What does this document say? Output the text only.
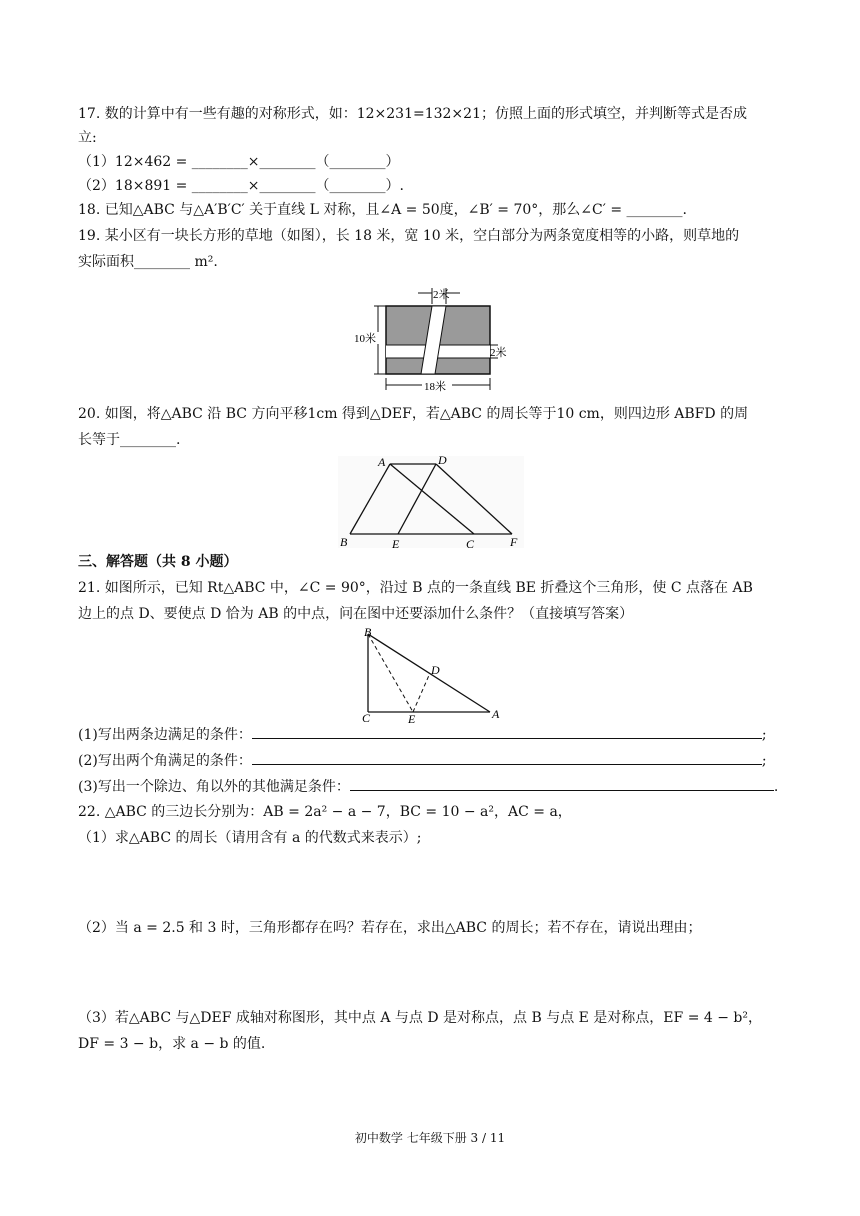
17. 数的计算中有一些有趣的对称形式，如：12×231=132×21；仿照上面的形式填空，并判断等式是否成
立:
（1）12×462 = ________×________（________）
（2）18×891 = ________×________（________）.
18. 已知△ABC 与△A′B′C′ 关于直线 L 对称，且∠A = 50度，∠B′ = 70°，那么∠C′ = ________.
19. 某小区有一块长方形的草地（如图），长 18 米，宽 10 米，空白部分为两条宽度相等的小路，则草地的
实际面积________ m².
2米
10米
2米
18米
20. 如图，将△ABC 沿 BC 方向平移1cm 得到△DEF，若△ABC 的周长等于10 cm，则四边形 ABFD 的周
长等于________.
A	D
B	E	C	F
三、解答题（共 8 小题）
21. 如图所示，已知 Rt△ABC 中，∠C = 90°，沿过 B 点的一条直线 BE 折叠这个三角形，使 C 点落在 AB
边上的点 D、要使点 D 恰为 AB 的中点，问在图中还要添加什么条件？（直接填写答案）
B
D
C	E	A
(1)写出两条边满足的条件：	;
(2)写出两个角满足的条件：	;
(3)写出一个除边、角以外的其他满足条件：	.
22. △ABC 的三边长分别为：AB = 2a² − a − 7，BC = 10 − a²，AC = a，
（1）求△ABC 的周长（请用含有 a 的代数式来表示）;
（2）当 a = 2.5 和 3 时，三角形都存在吗？若存在，求出△ABC 的周长；若不存在，请说出理由；
（3）若△ABC 与△DEF 成轴对称图形，其中点 A 与点 D 是对称点，点 B 与点 E 是对称点，EF = 4 − b²，
DF = 3 − b，求 a − b 的值.
初中数学 七年级下册 3 / 11
